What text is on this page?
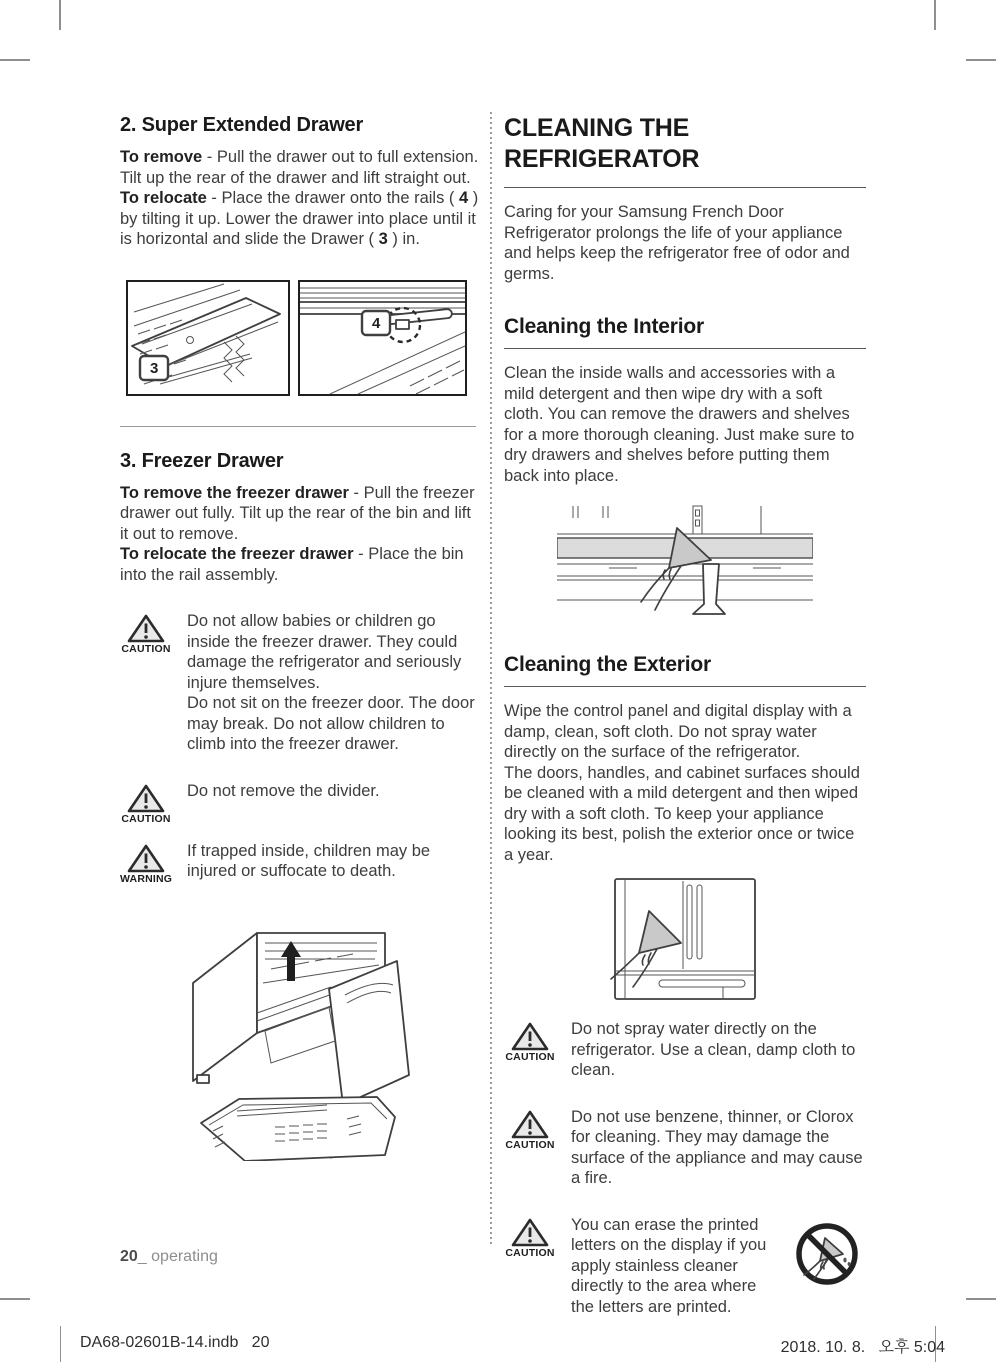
2. Super Extended Drawer

To remove - Pull the drawer out to full extension. Tilt up the rear of the drawer and lift straight out.
To relocate - Place the drawer onto the rails ( 4 ) by tilting it up. Lower the drawer into place until it is horizontal and slide the Drawer ( 3 ) in.

3
4
3. Freezer Drawer

To remove the freezer drawer - Pull the freezer drawer out fully. Tilt up the rear of the bin and lift it out to remove.
To relocate the freezer drawer - Place the bin into the rail assembly.

CAUTION

Do not allow babies or children go inside the freezer drawer. They could damage the refrigerator and seriously injure themselves.

Do not sit on the freezer door. The door may break. Do not allow children to climb into the freezer drawer.

CAUTION

Do not remove the divider.

WARNING

If trapped inside, children may be injured or suffocate to death.

CLEANING THE REFRIGERATOR

Caring for your Samsung French Door Refrigerator prolongs the life of your appliance and helps keep the refrigerator free of odor and germs.

Cleaning the Interior

Clean the inside walls and accessories with a mild detergent and then wipe dry with a soft cloth. You can remove the drawers and shelves for a more thorough cleaning. Just make sure to dry drawers and shelves before putting them back into place.

Cleaning the Exterior

Wipe the control panel and digital display with a damp, clean, soft cloth. Do not spray water directly on the surface of the refrigerator.
The doors, handles, and cabinet surfaces should be cleaned with a mild detergent and then wiped dry with a soft cloth. To keep your appliance looking its best, polish the exterior once or twice a year.

CAUTION

Do not spray water directly on the refrigerator. Use a clean, damp cloth to clean.

CAUTION

Do not use benzene, thinner, or Clorox for cleaning. They may damage the surface of the appliance and may cause a fire.

CAUTION

You can erase the printed letters on the display if you apply stainless cleaner directly to the area where the letters are printed.

20_ operating
DA68-02601B-14.indb   20	2018. 10. 8.   오후 5:04
